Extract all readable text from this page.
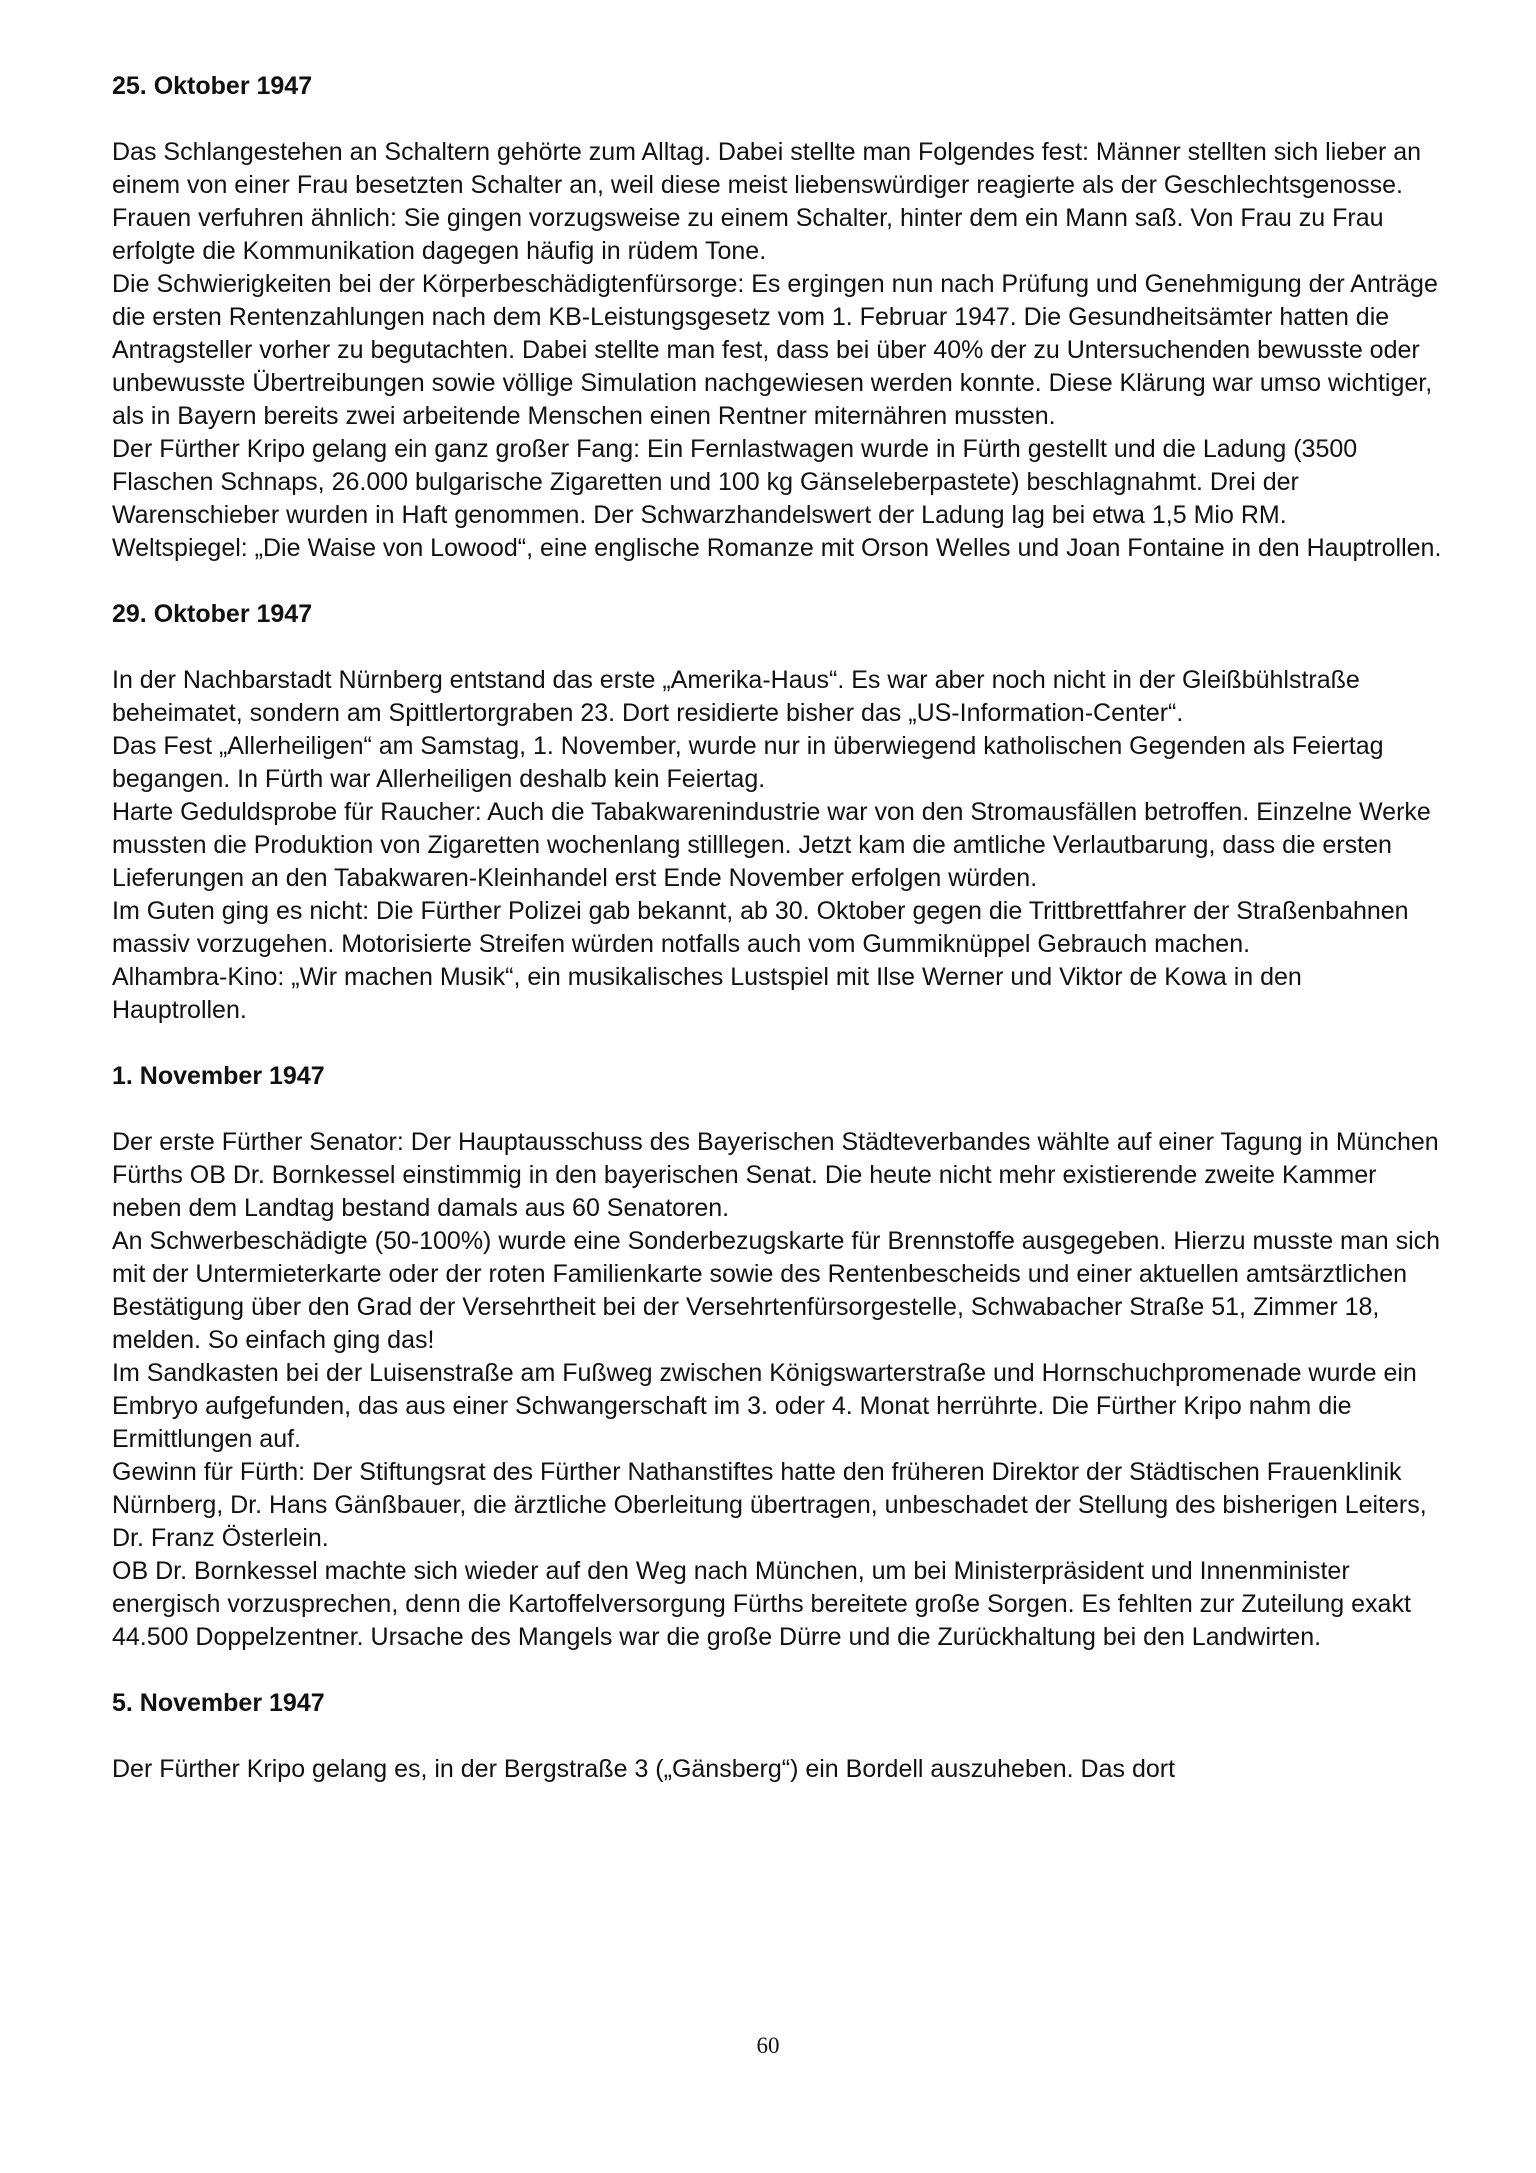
25. Oktober 1947

Das Schlangestehen an Schaltern gehörte zum Alltag. Dabei stellte man Folgendes fest: Männer stellten sich lieber an einem von einer Frau besetzten Schalter an, weil diese meist liebenswürdiger reagierte als der Geschlechtsgenosse. Frauen verfuhren ähnlich: Sie gingen vorzugsweise zu einem Schalter, hinter dem ein Mann saß. Von Frau zu Frau erfolgte die Kommunikation dagegen häufig in rüdem Tone.

Die Schwierigkeiten bei der Körperbeschädigtenfürsorge: Es ergingen nun nach Prüfung und Genehmigung der Anträge die ersten Rentenzahlungen nach dem KB-Leistungsgesetz vom 1. Februar 1947. Die Gesundheitsämter hatten die Antragsteller vorher zu begutachten. Dabei stellte man fest, dass bei über 40% der zu Untersuchenden bewusste oder unbewusste Übertreibungen sowie völlige Simulation nachgewiesen werden konnte. Diese Klärung war umso wichtiger, als in Bayern bereits zwei arbeitende Menschen einen Rentner miternähren mussten.

Der Fürther Kripo gelang ein ganz großer Fang: Ein Fernlastwagen wurde in Fürth gestellt und die Ladung (3500 Flaschen Schnaps, 26.000 bulgarische Zigaretten und 100 kg Gänseleberpastete) beschlagnahmt. Drei der Warenschieber wurden in Haft genommen. Der Schwarzhandelswert der Ladung lag bei etwa 1,5 Mio RM.

Weltspiegel: „Die Waise von Lowood“, eine englische Romanze mit Orson Welles und Joan Fontaine in den Hauptrollen.

29. Oktober 1947

In der Nachbarstadt Nürnberg entstand das erste „Amerika-Haus“. Es war aber noch nicht in der Gleißbühlstraße beheimatet, sondern am Spittlertorgraben 23. Dort residierte bisher das „US-Information-Center“.

Das Fest „Allerheiligen“ am Samstag, 1. November, wurde nur in überwiegend katholischen Gegenden als Feiertag begangen. In Fürth war Allerheiligen deshalb kein Feiertag.

Harte Geduldsprobe für Raucher: Auch die Tabakwarenindustrie war von den Stromausfällen betroffen. Einzelne Werke mussten die Produktion von Zigaretten wochenlang stilllegen. Jetzt kam die amtliche Verlautbarung, dass die ersten Lieferungen an den Tabakwaren-Kleinhandel erst Ende November erfolgen würden.

Im Guten ging es nicht: Die Fürther Polizei gab bekannt, ab 30. Oktober gegen die Trittbrettfahrer der Straßenbahnen massiv vorzugehen. Motorisierte Streifen würden notfalls auch vom Gummiknüppel Gebrauch machen.

Alhambra-Kino: „Wir machen Musik“, ein musikalisches Lustspiel mit Ilse Werner und Viktor de Kowa in den Hauptrollen.

1. November 1947

Der erste Fürther Senator: Der Hauptausschuss des Bayerischen Städteverbandes wählte auf einer Tagung in München Fürths OB Dr. Bornkessel einstimmig in den bayerischen Senat. Die heute nicht mehr existierende zweite Kammer neben dem Landtag bestand damals aus 60 Senatoren.

An Schwerbeschädigte (50-100%) wurde eine Sonderbezugskarte für Brennstoffe ausgegeben. Hierzu musste man sich mit der Untermieterkarte oder der roten Familienkarte sowie des Rentenbescheids und einer aktuellen amtsärztlichen Bestätigung über den Grad der Versehrtheit bei der Versehrtenfürsorgestelle, Schwabacher Straße 51, Zimmer 18, melden. So einfach ging das!

Im Sandkasten bei der Luisenstraße am Fußweg zwischen Königswarterstraße und Hornschuchpromenade wurde ein Embryo aufgefunden, das aus einer Schwangerschaft im 3. oder 4. Monat herrührte. Die Fürther Kripo nahm die Ermittlungen auf.

Gewinn für Fürth: Der Stiftungsrat des Fürther Nathanstiftes hatte den früheren Direktor der Städtischen Frauenklinik Nürnberg, Dr. Hans Gänßbauer, die ärztliche Oberleitung übertragen, unbeschadet der Stellung des bisherigen Leiters, Dr. Franz Österlein.

OB Dr. Bornkessel machte sich wieder auf den Weg nach München, um bei Ministerpräsident und Innenminister energisch vorzusprechen, denn die Kartoffelversorgung Fürths bereitete große Sorgen. Es fehlten zur Zuteilung exakt 44.500 Doppelzentner. Ursache des Mangels war die große Dürre und die Zurückhaltung bei den Landwirten.

5. November 1947

Der Fürther Kripo gelang es, in der Bergstraße 3 („Gänsberg“) ein Bordell auszuheben. Das dort

60
